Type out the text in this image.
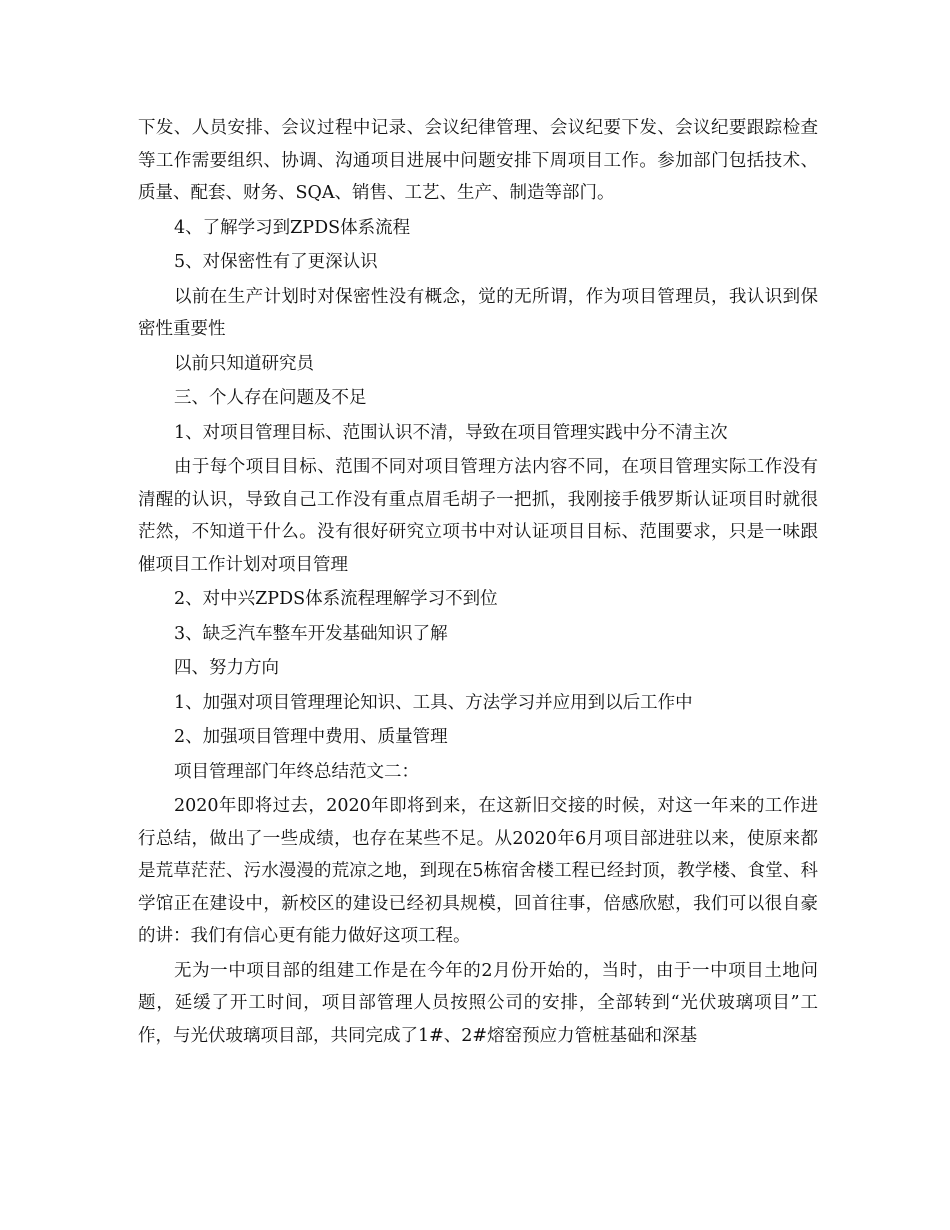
下发、人员安排、会议过程中记录、会议纪律管理、会议纪要下发、会议纪要跟踪检查等工作需要组织、协调、沟通项目进展中问题安排下周项目工作。参加部门包括技术、质量、配套、财务、SQA、销售、工艺、生产、制造等部门。

4、了解学习到ZPDS体系流程

5、对保密性有了更深认识

以前在生产计划时对保密性没有概念，觉的无所谓，作为项目管理员，我认识到保密性重要性

以前只知道研究员

三、个人存在问题及不足

1、对项目管理目标、范围认识不清，导致在项目管理实践中分不清主次

由于每个项目目标、范围不同对项目管理方法内容不同，在项目管理实际工作没有清醒的认识，导致自己工作没有重点眉毛胡子一把抓，我刚接手俄罗斯认证项目时就很茫然，不知道干什么。没有很好研究立项书中对认证项目目标、范围要求，只是一味跟催项目工作计划对项目管理

2、对中兴ZPDS体系流程理解学习不到位

3、缺乏汽车整车开发基础知识了解

四、努力方向

1、加强对项目管理理论知识、工具、方法学习并应用到以后工作中

2、加强项目管理中费用、质量管理

项目管理部门年终总结范文二：

2020年即将过去，2020年即将到来，在这新旧交接的时候，对这一年来的工作进行总结，做出了一些成绩，也存在某些不足。从2020年6月项目部进驻以来，使原来都是荒草茫茫、污水漫漫的荒凉之地，到现在5栋宿舍楼工程已经封顶，教学楼、食堂、科学馆正在建设中，新校区的建设已经初具规模，回首往事，倍感欣慰，我们可以很自豪的讲：我们有信心更有能力做好这项工程。

无为一中项目部的组建工作是在今年的2月份开始的，当时，由于一中项目土地问题，延缓了开工时间，项目部管理人员按照公司的安排，全部转到“光伏玻璃项目”工作，与光伏玻璃项目部，共同完成了1#、2#熔窑预应力管桩基础和深基
